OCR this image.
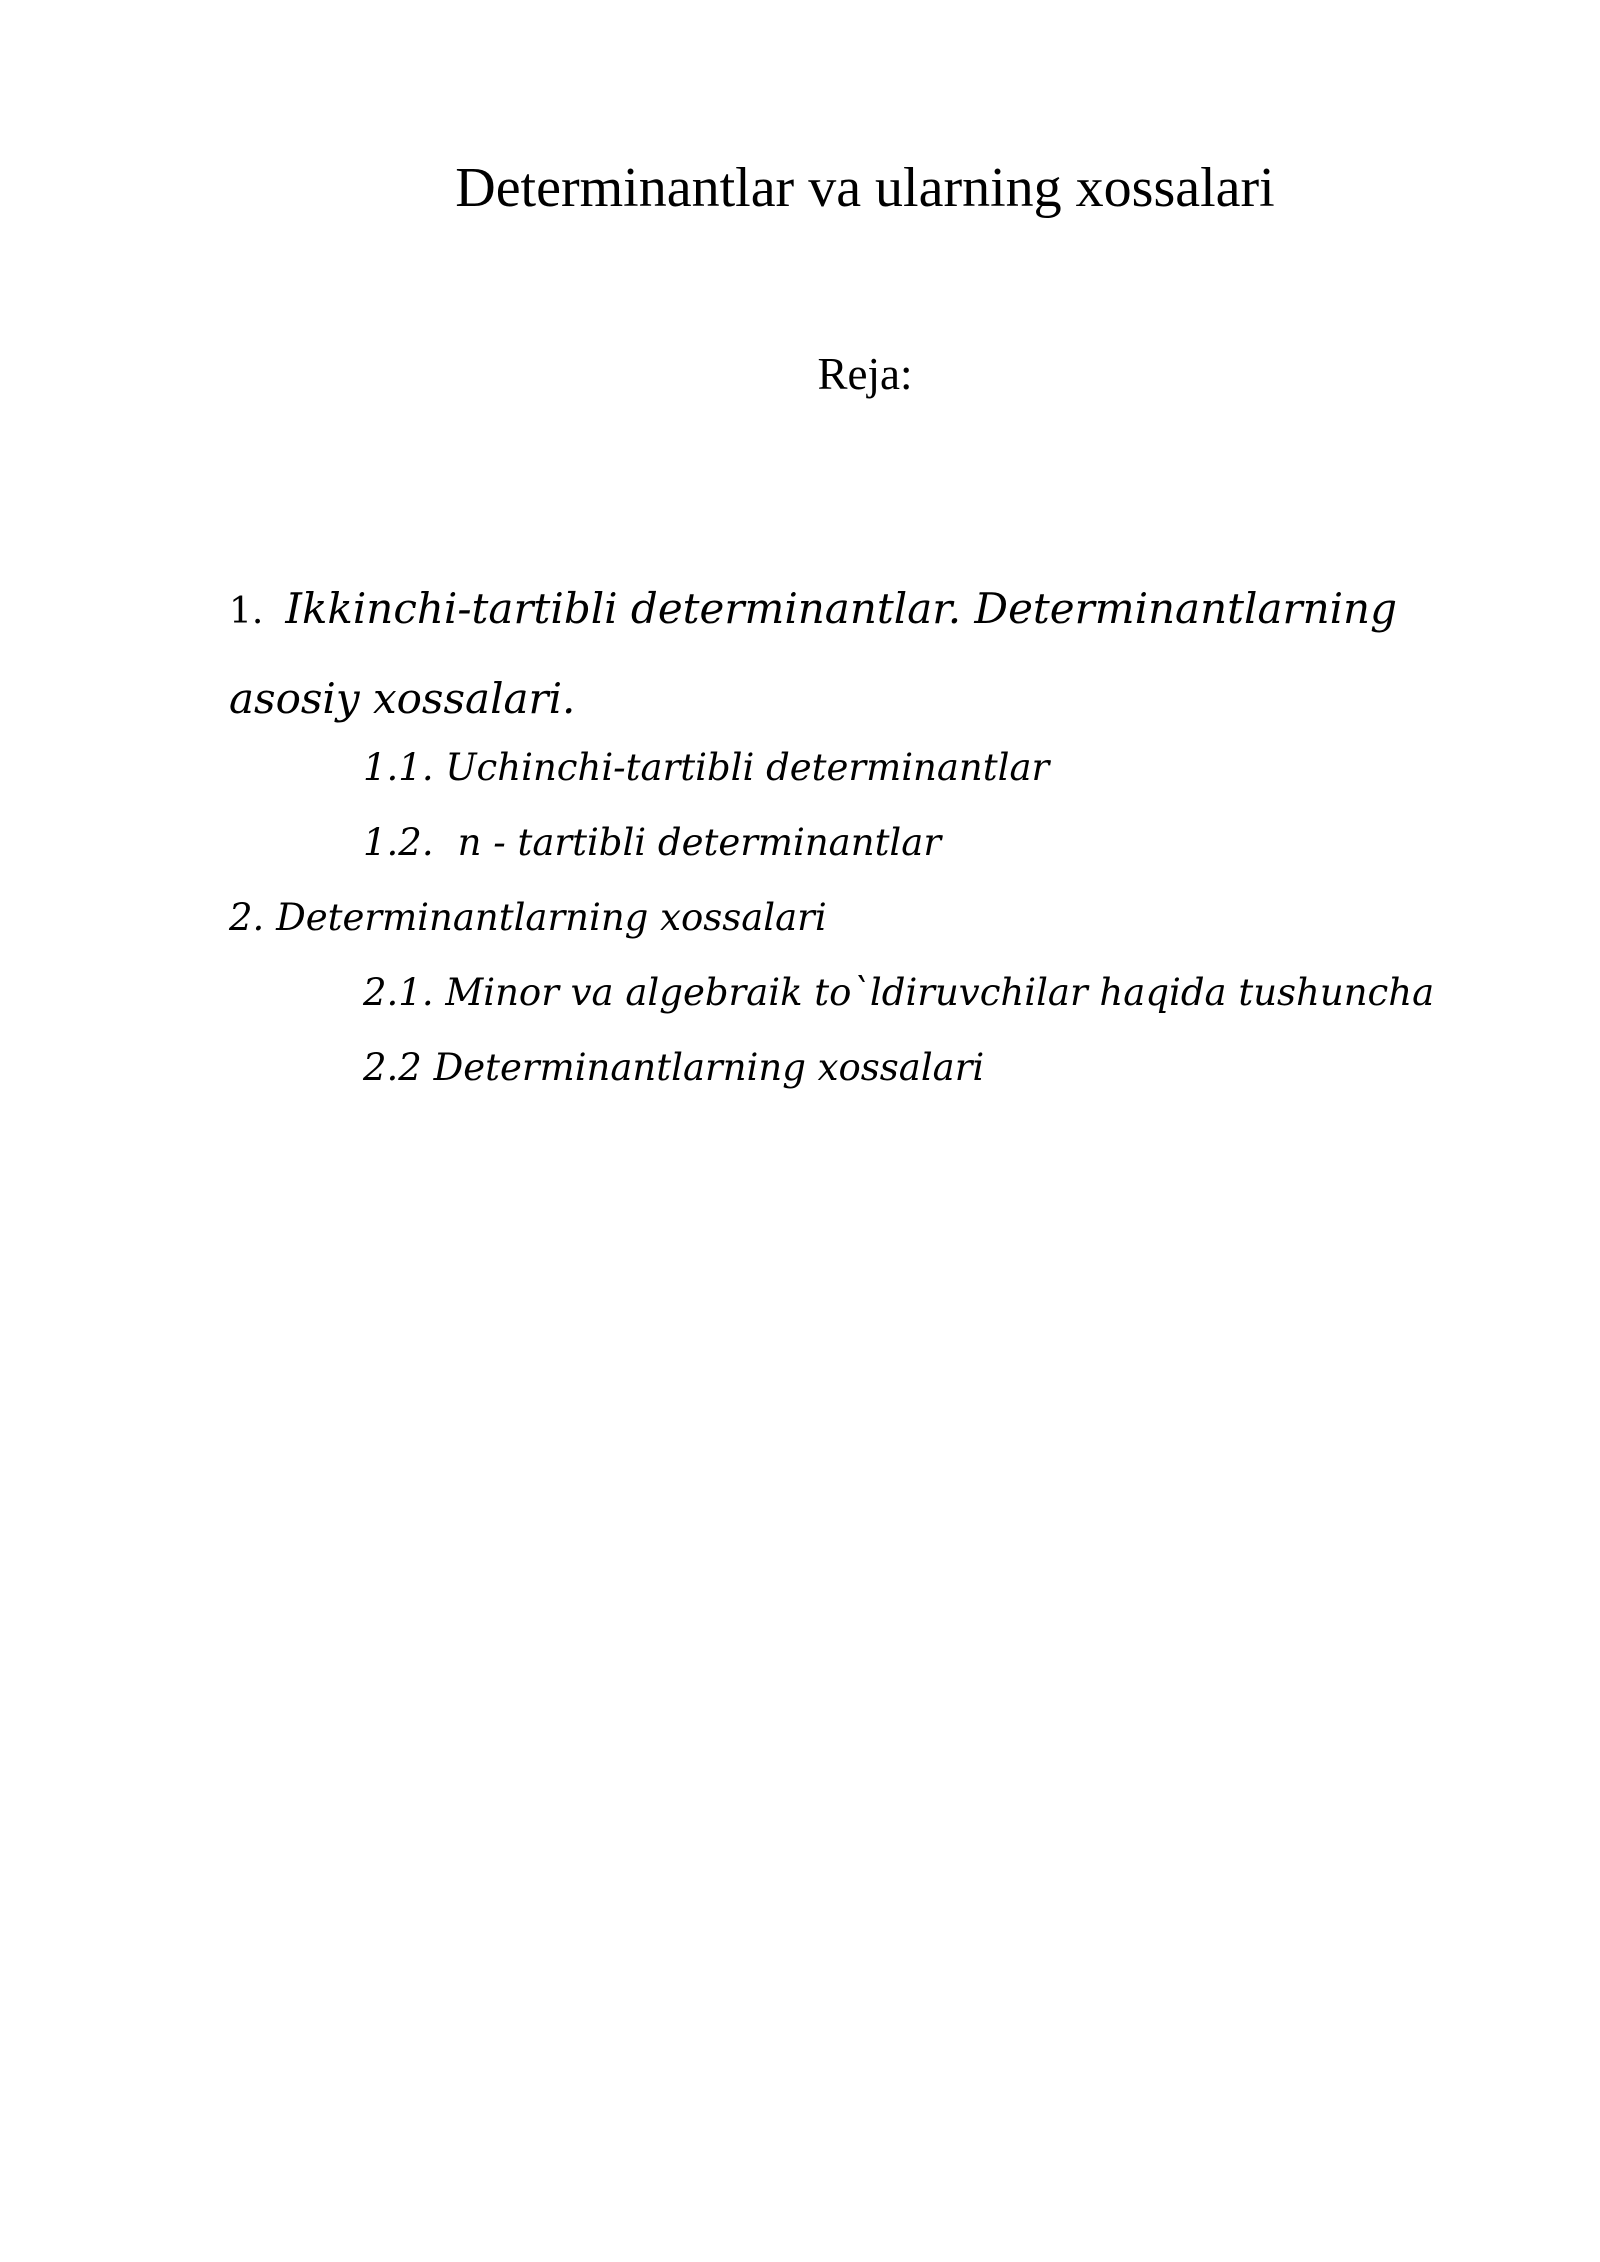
Determinantlar va ularning xossalari
Reja:
1. Ikkinchi-tartibli determinantlar. Determinantlarning asosiy xossalari.
1.1. Uchinchi-tartibli determinantlar
1.2. n - tartibli determinantlar
2. Determinantlarning xossalari
2.1. Minor va algebraik to`ldiruvchilar haqida tushuncha
2.2 Determinantlarning xossalari
